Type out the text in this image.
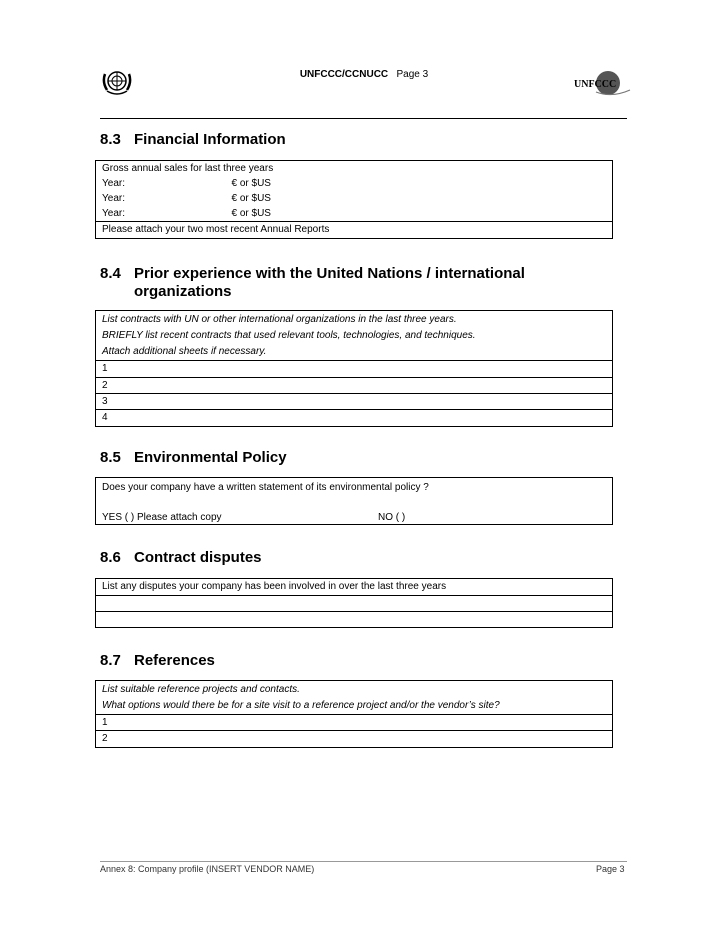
UNFCCC/CCNUCC Page 3
UNFCCC
8.3 Financial Information
Gross annual sales for last three years
Year:	€ or $US

Year:	€ or $US

Year:	€ or $US

Please attach your two most recent Annual Reports
8.4 Prior experience with the United Nations / international
organizations
List contracts with UN or other international organizations in the last three years.
BRIEFLY list recent contracts that used relevant tools, technologies, and techniques.
Attach additional sheets if necessary.
1
2
3
4
8.5 Environmental Policy
Does your company have a written statement of its environmental policy ?
YES ( ) Please attach copy	NO ( )
8.6 Contract disputes
List any disputes your company has been involved in over the last three years

8.7 References
List suitable reference projects and contacts.
What options would there be for a site visit to a reference project and/or the vendor’s site?
1
2
Annex 8: Company profile (INSERT VENDOR NAME)	Page 3
